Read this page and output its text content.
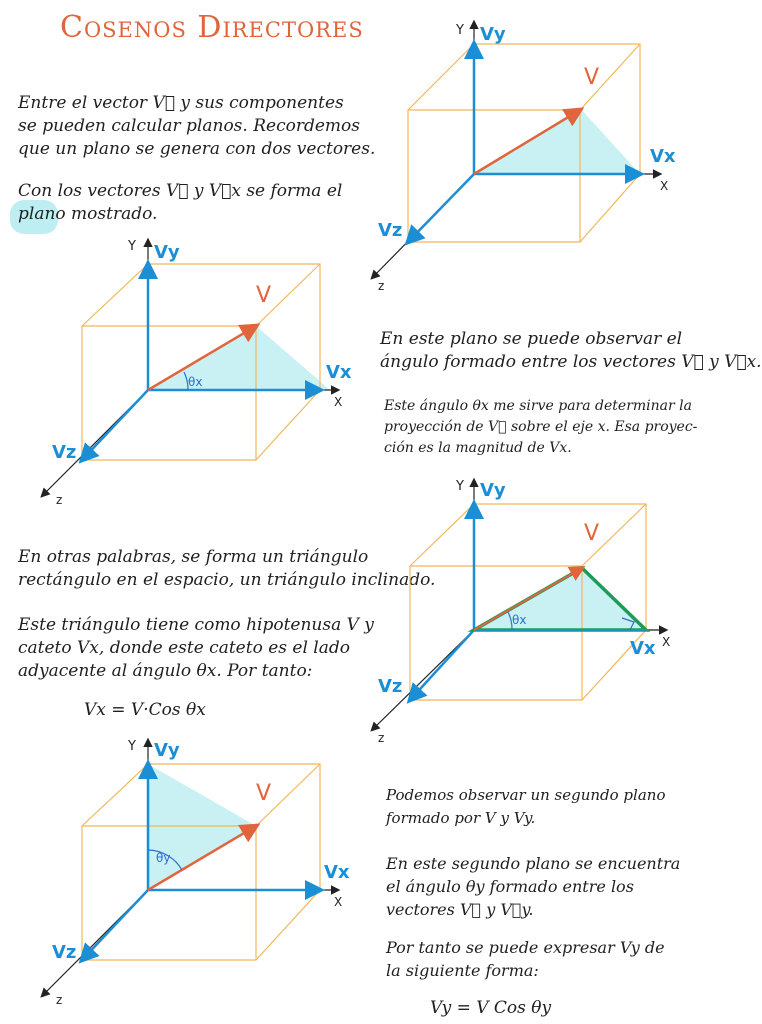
Cosenos Directores
Entre el vector V⃗ y sus componentes
se pueden calcular planos. Recordemos
que un plano se genera con dos vectores.
Con los vectores V⃗ y V⃗x se forma el
plano mostrado.
En este plano se puede observar el
ángulo formado entre los vectores V⃗ y V⃗x.
Este ángulo θx me sirve para determinar la
proyección de V⃗ sobre el eje x. Esa proyec-
ción es la magnitud de Vx.
En otras palabras, se forma un triángulo
rectángulo en el espacio, un triángulo inclinado.
Este triángulo tiene como hipotenusa V y
cateto Vx, donde este cateto es el lado
adyacente al ángulo θx. Por tanto:
Vx = V·Cos θx
Podemos observar un segundo plano
formado por V y Vy.
En este segundo plano se encuentra
el ángulo θy formado entre los
vectores V⃗ y V⃗y.
Por tanto se puede expresar Vy de
la siguiente forma:
Vy = V Cos θy
Y Vy
V
Vx
X
Vz
z
θx
Y Vy
V
Vx
X
Vz
z
θx
Y Vy
V
Vx X
Vz
z
θy
Y Vy
V
Vx
X
Vz
z
